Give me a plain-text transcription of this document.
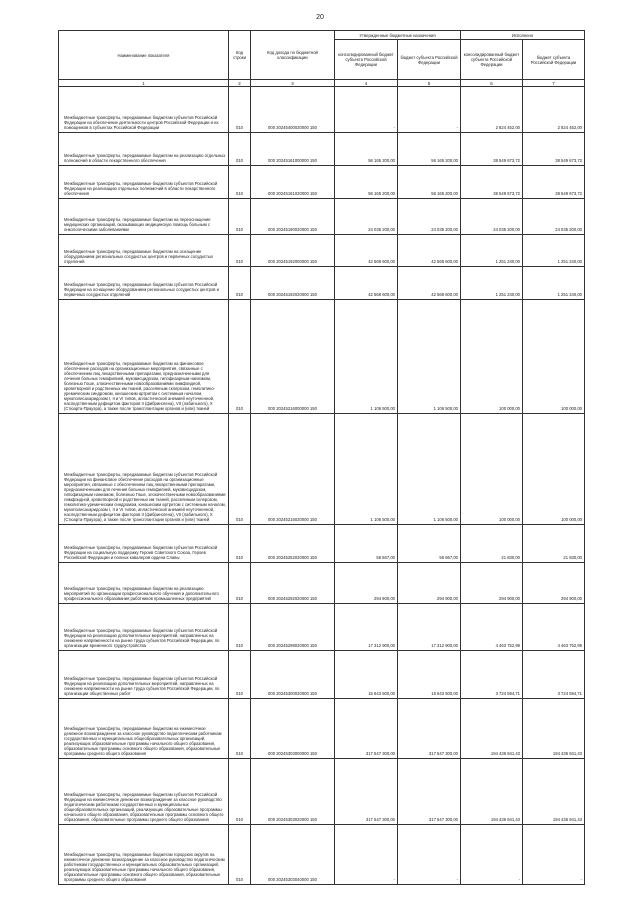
20
Наименование показателя	Код строки	Код дохода по бюджетной классификации	Утвержденные бюджетные назначения		Исполнено	
			консолидированный бюджет субъекта Российской Федерации	бюджет субъекта Российской Федерации	консолидированный бюджет субъекта Российской Федерации	бюджет субъекта Российской Федерации
1	2	3	4	5	6	7
Межбюджетные трансферты, передаваемые бюджетам субъектов Российской Федерации на обеспечение деятельности центров Российской Федерации и их помощников в субъектах Российской Федерации	010	000 20245400020000 150	-	-	2 824 452,00	2 824 452,00
Межбюджетные трансферты, передаваемые бюджетам на реализацию отдельных полномочий в области лекарственного обеспечения	010	000 20245161000000 150	56 165 200,00	56 165 200,00	38 549 673,72	38 549 673,72
Межбюджетные трансферты, передаваемые бюджетам субъектов Российской Федерации на реализацию отдельных полномочий в области лекарственного обеспечения	010	000 20245161020000 150	56 165 200,00	56 165 200,00	38 549 673,72	38 549 673,72
Межбюджетные трансферты, передаваемые бюджетам на переоснащение медицинских организаций, оказывающих медицинскую помощь больным с онкологическими заболеваниями	010	000 20245190020000 150	24 035 200,00	24 035 200,00	24 035 200,00	24 035 200,00
Межбюджетные трансферты, передаваемые бюджетам на оснащение оборудованием региональных сосудистых центров и первичных сосудистых отделений	010	000 20245192000000 150	42 568 600,00	42 568 600,00	1 251 240,00	1 251 240,00
Межбюджетные трансферты, передаваемые бюджетам субъектов Российской Федерации на оснащение оборудованием региональных сосудистых центров и первичных сосудистых отделений	010	000 20245192020000 150	42 568 600,00	42 568 600,00	1 251 240,00	1 251 240,00
Межбюджетные трансферты, передаваемые бюджетам на финансовое обеспечение расходов на организационные мероприятия, связанные с обеспечением лиц лекарственными препаратами, предназначенными для лечения больных гемофилией, муковисцидозом, гипофизарным нанизмом, болезнью Гоше, злокачественными новообразованиями лимфоидной, кроветворной и родственных им тканей, рассеянным склерозом, гемолитико-уремическим синдромом, юношеским артритом с системным началом, мукополисахаридозом I, II и VI типов, апластической анемией неуточненной, наследственным дефицитом факторов II (фибриногена), VII (лабильного), X (Стюарта-Прауэра), а также после трансплантации органов и (или) тканей	010	000 20245216000000 150	1 106 500,00	1 106 500,00	100 000,00	100 000,00
Межбюджетные трансферты, передаваемые бюджетам субъектов Российской Федерации на финансовое обеспечение расходов на организационные мероприятия, связанные с обеспечением лиц лекарственными препаратами, предназначенными для лечения больных гемофилией, муковисцидозом, гипофизарным нанизмом, болезнью Гоше, злокачественными новообразованиями лимфоидной, кроветворной и родственных им тканей, рассеянным склерозом, гемолитико-уремическим синдромом, юношеским артритом с системным началом, мукополисахаридозом I, II и VI типов, апластической анемией неуточненной, наследственным дефицитом факторов II (фибриногена), VII (лабильного), X (Стюарта-Прауэра), а также после трансплантации органов и (или) тканей	010	000 20245216020000 150	1 106 500,00	1 106 500,00	100 000,00	100 000,00
Межбюджетные трансферты, передаваемые бюджетам субъектов Российской Федерации на социальную поддержку Героев Советского Союза, Героев Российской Федерации и полных кавалеров ордена Славы	010	000 20245252020000 150	56 667,00	56 667,00	21 830,00	21 830,00
Межбюджетные трансферты, передаваемые бюджетам на реализацию мероприятий по организации профессионального обучения и дополнительного профессионального образования работников промышленных предприятий	010	000 20245292020000 150	294 900,00	294 900,00	294 900,00	294 900,00
Межбюджетные трансферты, передаваемые бюджетам субъектов Российской Федерации на реализацию дополнительных мероприятий, направленных на снижение напряженности на рынке труда субъектов Российской Федерации, по организации временного трудоустройства	010	000 20245298020000 150	17 312 900,00	17 312 900,00	4 463 752,99	4 463 752,99
Межбюджетные трансферты, передаваемые бюджетам субъектов Российской Федерации на реализацию дополнительных мероприятий, направленных на снижение напряженности на рынке труда субъектов Российской Федерации, по организации общественных работ	010	000 20245300020000 150	15 643 500,00	15 643 500,00	3 724 594,71	3 724 594,71
Межбюджетные трансферты, передаваемые бюджетам на ежемесячное денежное вознаграждение за классное руководство педагогическим работникам государственных и муниципальных общеобразовательных организаций, реализующих образовательные программы начального общего образования, образовательные программы основного общего образования, образовательные программы среднего общего образования	010	000 20245303000000 150	317 547 300,00	317 547 300,00	194 436 941,43	194 436 941,43
Межбюджетные трансферты, передаваемые бюджетам субъектов Российской Федерации на ежемесячное денежное вознаграждение за классное руководство педагогическим работникам государственных и муниципальных общеобразовательных организаций, реализующих образовательные программы начального общего образования, образовательные программы основного общего образования, образовательные программы среднего общего образования	010	000 20245303020000 150	317 547 300,00	317 547 300,00	194 436 941,43	194 436 941,43
Межбюджетные трансферты, передаваемые бюджетам городских округов на ежемесячное денежное вознаграждение за классное руководство педагогическим работникам государственных и муниципальных образовательных организаций, реализующих образовательные программы начального общего образования, образовательные программы основного общего образования, образовательные программы среднего общего образования	010	000 20245303040000 150	-	-	-	-
